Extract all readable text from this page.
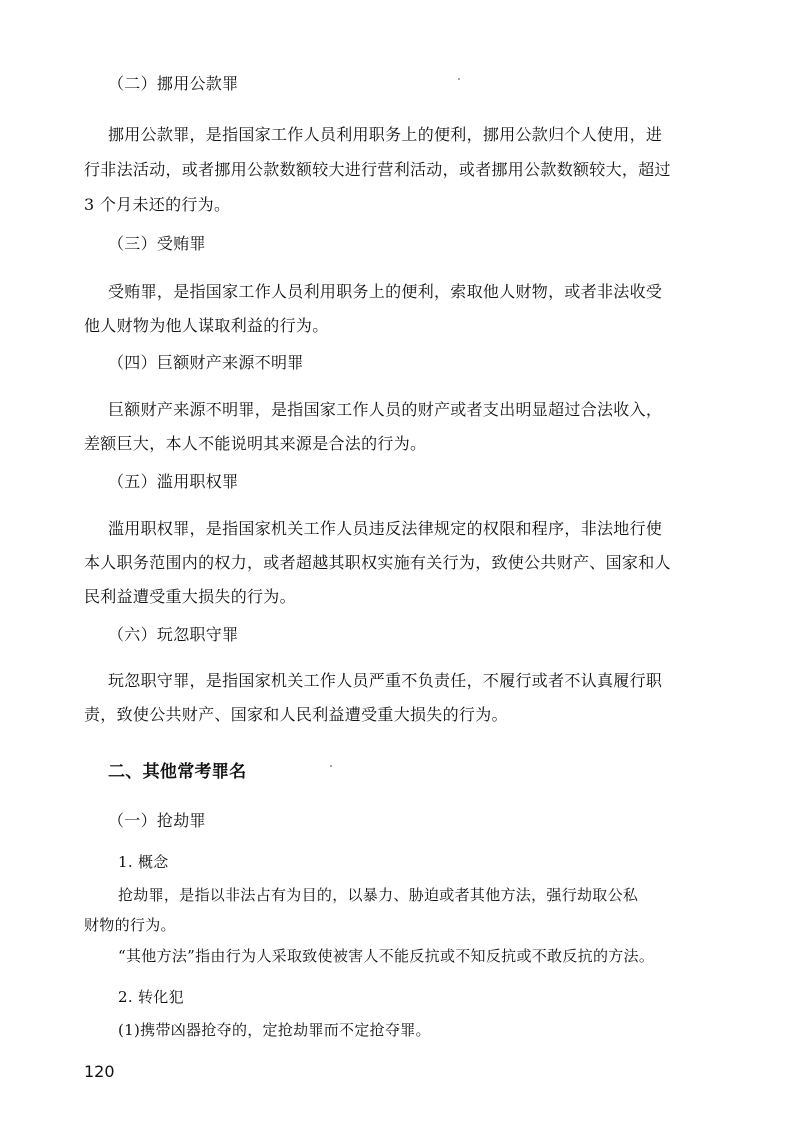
（二）挪用公款罪
挪用公款罪，是指国家工作人员利用职务上的便利，挪用公款归个人使用，进
行非法活动，或者挪用公款数额较大进行营利活动，或者挪用公款数额较大，超过
3 个月未还的行为。
（三）受贿罪
受贿罪，是指国家工作人员利用职务上的便利，索取他人财物，或者非法收受
他人财物为他人谋取利益的行为。
（四）巨额财产来源不明罪
巨额财产来源不明罪，是指国家工作人员的财产或者支出明显超过合法收入，
差额巨大，本人不能说明其来源是合法的行为。
（五）滥用职权罪
滥用职权罪，是指国家机关工作人员违反法律规定的权限和程序，非法地行使
本人职务范围内的权力，或者超越其职权实施有关行为，致使公共财产、国家和人
民利益遭受重大损失的行为。
（六）玩忽职守罪
玩忽职守罪，是指国家机关工作人员严重不负责任，不履行或者不认真履行职
责，致使公共财产、国家和人民利益遭受重大损失的行为。
二、其他常考罪名
（一）抢劫罪
1. 概念
抢劫罪，是指以非法占有为目的，以暴力、胁迫或者其他方法，强行劫取公私
财物的行为。
“其他方法”指由行为人采取致使被害人不能反抗或不知反抗或不敢反抗的方法。
2. 转化犯
(1)携带凶器抢夺的，定抢劫罪而不定抢夺罪。
120
